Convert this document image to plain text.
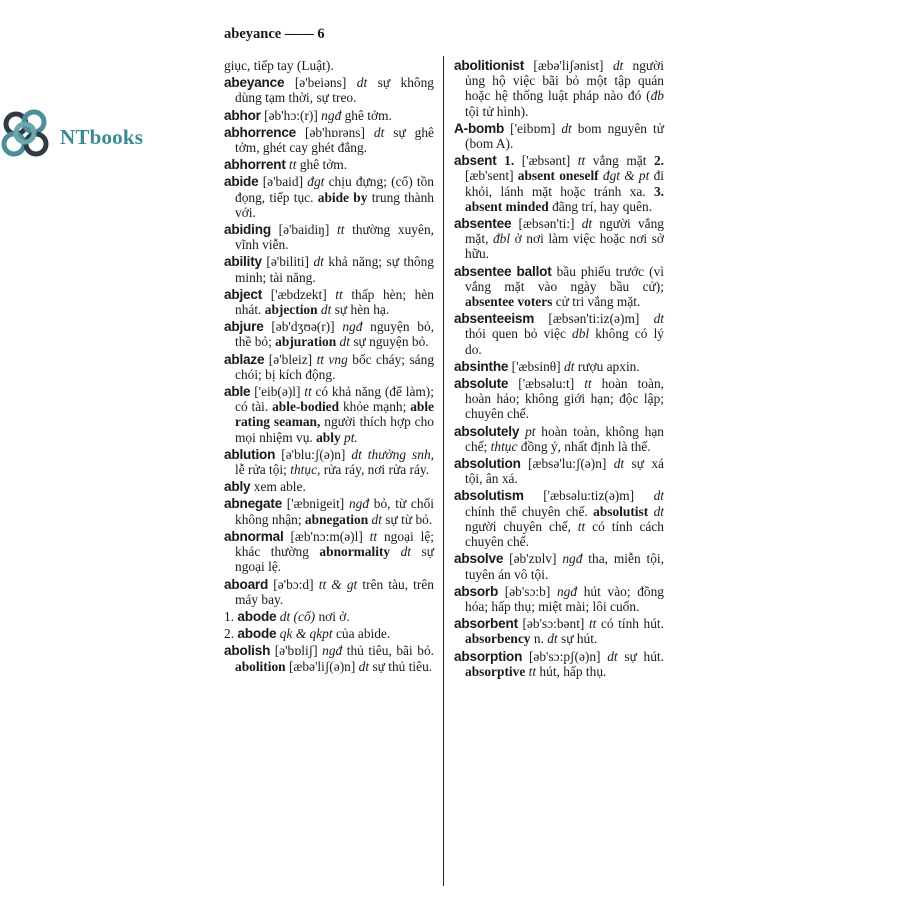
NTbooks
abeyance —— 6
giục, tiếp tay (Luật).
abeyance [ə'beiəns] dt sự không dùng tạm thời, sự treo.
abhor [əb'hɔ:(r)] ngđ ghê tởm.
abhorrence [əb'hɒrəns] dt sự ghê tởm, ghét cay ghét đắng.
abhorrent tt ghê tởm.
abide [ə'baid] đgt chịu đựng; (cổ) tồn đọng, tiếp tục. abide by trung thành với.
abiding [ə'baidiŋ] tt thường xuyên, vĩnh viễn.
ability [ə'biliti] dt khả năng; sự thông minh; tài năng.
abject ['æbdzekt] tt thấp hèn; hèn nhát. abjection dt sự hèn hạ.
abjure [əb'dʒʊə(r)] ngđ nguyện bỏ, thề bỏ; abjuration dt sự nguyện bỏ.
ablaze [ə'bleiz] tt vng bốc cháy; sáng chói; bị kích động.
able ['eib(ə)l] tt có khả năng (để làm); có tài. able-bodied khỏe mạnh; able rating seaman, người thích hợp cho mọi nhiệm vụ. ably pt.
ablution [ə'blu:ʃ(ə)n] dt thường snh, lễ rửa tội; thtục, rửa ráy, nơi rửa ráy.
ably xem able.
abnegate ['æbnigeit] ngđ bỏ, từ chối không nhận; abnegation dt sự từ bỏ.
abnormal [æb'nɔ:m(ə)l] tt ngoại lệ; khác thường abnormality dt sự ngoại lệ.
aboard [ə'bɔ:d] tt & gt trên tàu, trên máy bay.
1. abode dt (cổ) nơi ở.
2. abode qk & qkpt của abide.
abolish [ə'bɒliʃ] ngđ thủ tiêu, bãi bỏ. abolition [æbə'liʃ(ə)n] dt sự thủ tiêu.
abolitionist [æbə'liʃənist] dt người ủng hộ việc bãi bỏ một tập quán hoặc hệ thống luật pháp nào đó (đb tội tử hình).
A-bomb ['eibɒm] dt bom nguyên tử (bom A).
absent 1. ['æbsənt] tt vắng mặt 2. [æb'sent] absent oneself đgt & pt đi khỏi, lánh mặt hoặc tránh xa. 3. absent minded đãng trí, hay quên.
absentee [æbsən'ti:] dt người vắng mặt, đbl ở nơi làm việc hoặc nơi sở hữu.
absentee ballot bầu phiếu trước (vì vắng mặt vào ngày bầu cử); absentee voters cử tri vắng mặt.
absenteeism [æbsən'ti:iz(ə)m] dt thói quen bỏ việc dbl không có lý do.
absinthe ['æbsinθ] dt rượu apxin.
absolute ['æbsəlu:t] tt hoàn toàn, hoàn hảo; không giới hạn; độc lập; chuyên chế.
absolutely pt hoàn toàn, không hạn chế; thtục đồng ý, nhất định là thế.
absolution [æbsə'lu:ʃ(ə)n] dt sự xá tội, ân xá.
absolutism ['æbsəlu:tiz(ə)m] dt chính thể chuyên chế. absolutist dt người chuyên chế, tt có tính cách chuyên chế.
absolve [əb'zɒlv] ngđ tha, miễn tội, tuyên án vô tội.
absorb [əb'sɔ:b] ngđ hút vào; đồng hóa; hấp thụ; miệt mài; lôi cuốn.
absorbent [əb'sɔ:bənt] tt có tính hút. absorbency n. dt sự hút.
absorption [əb'sɔ:pʃ(ə)n] dt sự hút. absorptive tt hút, hấp thụ.
